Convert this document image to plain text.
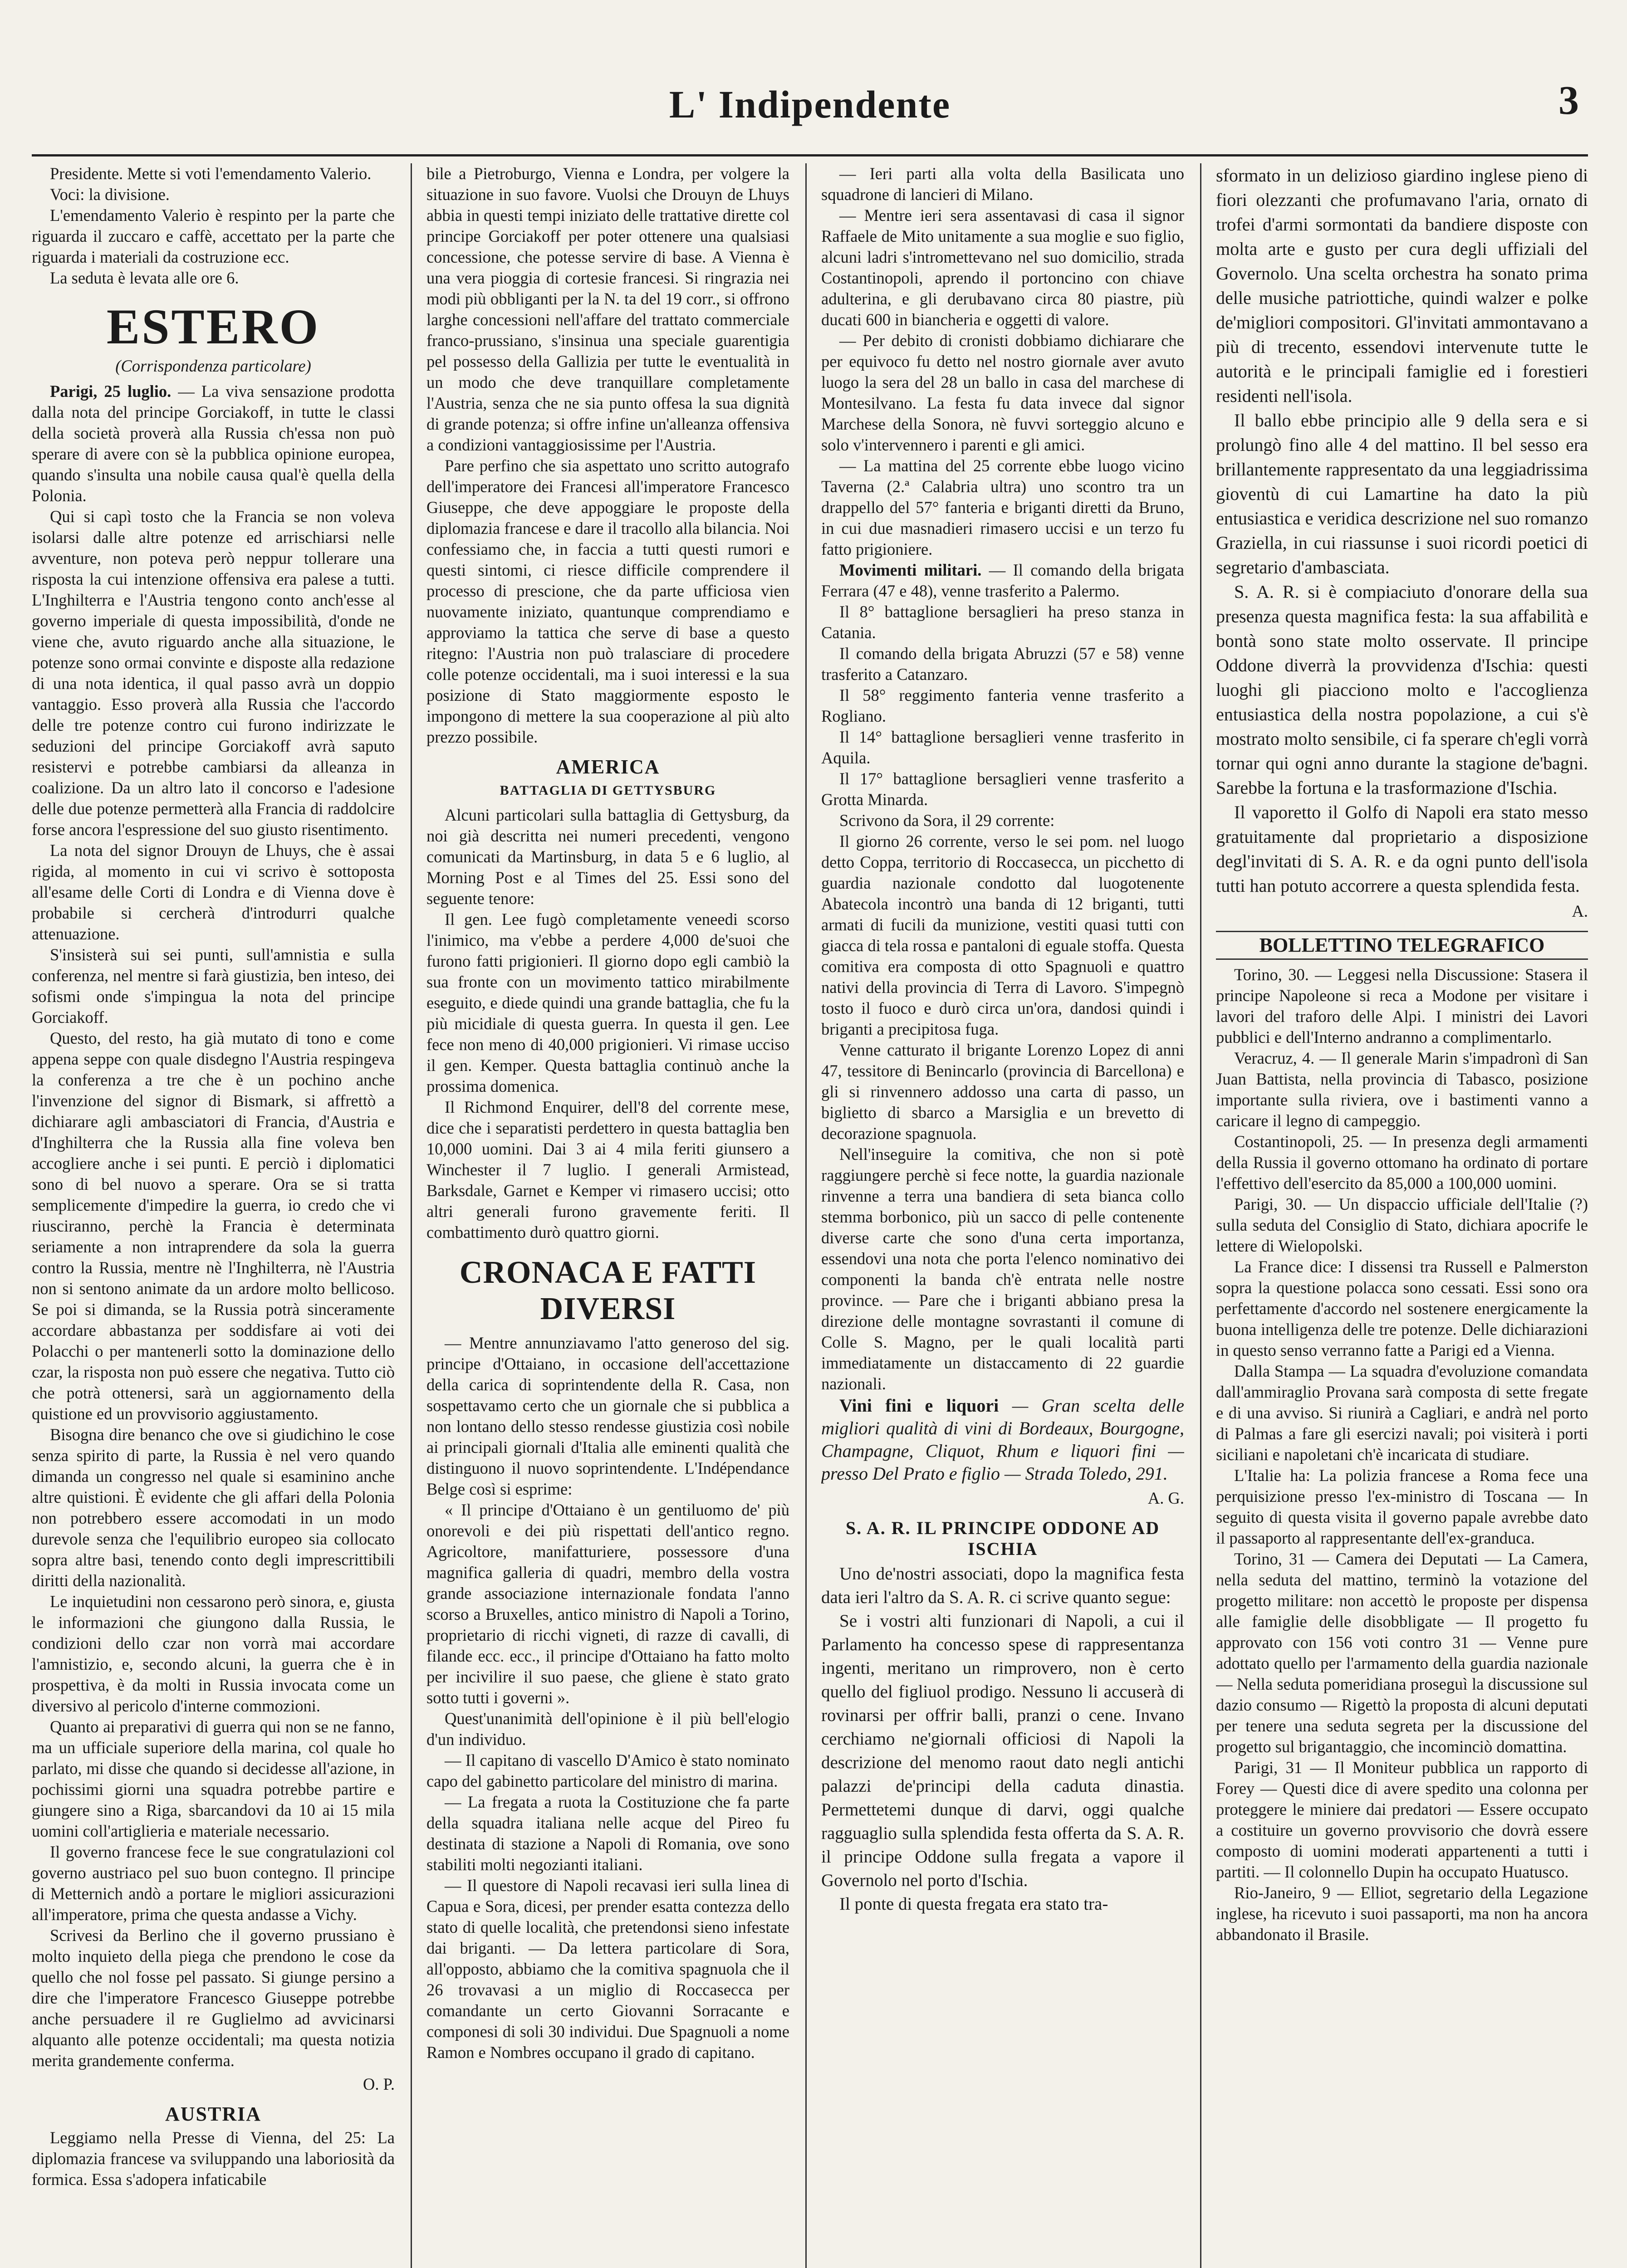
L' Indipendente	3

Presidente. Mette si voti l'emendamento Valerio.

Voci: la divisione.

L'emendamento Valerio è respinto per la parte che riguarda il zuccaro e caffè, accettato per la parte che riguarda i materiali da costruzione ecc.

La seduta è levata alle ore 6.

ESTERO
(Corrispondenza particolare)

Parigi, 25 luglio. — La viva sensazione prodotta dalla nota del principe Gorciakoff, in tutte le classi della società proverà alla Russia ch'essa non può sperare di avere con sè la pubblica opinione europea, quando s'insulta una nobile causa qual'è quella della Polonia.

Qui si capì tosto che la Francia se non voleva isolarsi dalle altre potenze ed arrischiarsi nelle avventure, non poteva però neppur tollerare una risposta la cui intenzione offensiva era palese a tutti. L'Inghilterra e l'Austria tengono conto anch'esse al governo imperiale di questa impossibilità, d'onde ne viene che, avuto riguardo anche alla situazione, le potenze sono ormai convinte e disposte alla redazione di una nota identica, il qual passo avrà un doppio vantaggio. Esso proverà alla Russia che l'accordo delle tre potenze contro cui furono indirizzate le seduzioni del principe Gorciakoff avrà saputo resistervi e potrebbe cambiarsi da alleanza in coalizione. Da un altro lato il concorso e l'adesione delle due potenze permetterà alla Francia di raddolcire forse ancora l'espressione del suo giusto risentimento.

La nota del signor Drouyn de Lhuys, che è assai rigida, al momento in cui vi scrivo è sottoposta all'esame delle Corti di Londra e di Vienna dove è probabile si cercherà d'introdurri qualche attenuazione.

S'insisterà sui sei punti, sull'amnistia e sulla conferenza, nel mentre si farà giustizia, ben inteso, dei sofismi onde s'impingua la nota del principe Gorciakoff.

Questo, del resto, ha già mutato di tono e come appena seppe con quale disdegno l'Austria respingeva la conferenza a tre che è un pochino anche l'invenzione del signor di Bismark, si affrettò a dichiarare agli ambasciatori di Francia, d'Austria e d'Inghilterra che la Russia alla fine voleva ben accogliere anche i sei punti. E perciò i diplomatici sono di bel nuovo a sperare. Ora se si tratta semplicemente d'impedire la guerra, io credo che vi riusciranno, perchè la Francia è determinata seriamente a non intraprendere da sola la guerra contro la Russia, mentre nè l'Inghilterra, nè l'Austria non si sentono animate da un ardore molto bellicoso. Se poi si dimanda, se la Russia potrà sinceramente accordare abbastanza per soddisfare ai voti dei Polacchi o per mantenerli sotto la dominazione dello czar, la risposta non può essere che negativa. Tutto ciò che potrà ottenersi, sarà un aggiornamento della quistione ed un provvisorio aggiustamento.

Bisogna dire benanco che ove si giudichino le cose senza spirito di parte, la Russia è nel vero quando dimanda un congresso nel quale si esaminino anche altre quistioni. È evidente che gli affari della Polonia non potrebbero essere accomodati in un modo durevole senza che l'equilibrio europeo sia collocato sopra altre basi, tenendo conto degli imprescrittibili diritti della nazionalità.

Le inquietudini non cessarono però sinora, e, giusta le informazioni che giungono dalla Russia, le condizioni dello czar non vorrà mai accordare l'amnistizio, e, secondo alcuni, la guerra che è in prospettiva, è da molti in Russia invocata come un diversivo al pericolo d'interne commozioni.

Quanto ai preparativi di guerra qui non se ne fanno, ma un ufficiale superiore della marina, col quale ho parlato, mi disse che quando si decidesse all'azione, in pochissimi giorni una squadra potrebbe partire e giungere sino a Riga, sbarcandovi da 10 ai 15 mila uomini coll'artiglieria e materiale necessario.

Il governo francese fece le sue congratulazioni col governo austriaco pel suo buon contegno. Il principe di Metternich andò a portare le migliori assicurazioni all'imperatore, prima che questa andasse a Vichy.

Scrivesi da Berlino che il governo prussiano è molto inquieto della piega che prendono le cose da quello che nol fosse pel passato. Si giunge persino a dire che l'imperatore Francesco Giuseppe potrebbe anche persuadere il re Guglielmo ad avvicinarsi alquanto alle potenze occidentali; ma questa notizia merita grandemente conferma.

O. P.
AUSTRIA

Leggiamo nella Presse di Vienna, del 25: La diplomazia francese va sviluppando una laboriosità da formica. Essa s'adopera infaticabile

bile a Pietroburgo, Vienna e Londra, per volgere la situazione in suo favore. Vuolsi che Drouyn de Lhuys abbia in questi tempi iniziato delle trattative dirette col principe Gorciakoff per poter ottenere una qualsiasi concessione, che potesse servire di base. A Vienna è una vera pioggia di cortesie francesi. Si ringrazia nei modi più obbliganti per la N. ta del 19 corr., si offrono larghe concessioni nell'affare del trattato commerciale franco-prussiano, s'insinua una speciale guarentigia pel possesso della Gallizia per tutte le eventualità in un modo che deve tranquillare completamente l'Austria, senza che ne sia punto offesa la sua dignità di grande potenza; si offre infine un'alleanza offensiva a condizioni vantaggiosissime per l'Austria.

Pare perfino che sia aspettato uno scritto autografo dell'imperatore dei Francesi all'imperatore Francesco Giuseppe, che deve appoggiare le proposte della diplomazia francese e dare il tracollo alla bilancia. Noi confessiamo che, in faccia a tutti questi rumori e questi sintomi, ci riesce difficile comprendere il processo di prescione, che da parte ufficiosa vien nuovamente iniziato, quantunque comprendiamo e approviamo la tattica che serve di base a questo ritegno: l'Austria non può tralasciare di procedere colle potenze occidentali, ma i suoi interessi e la sua posizione di Stato maggiormente esposto le impongono di mettere la sua cooperazione al più alto prezzo possibile.

AMERICA
BATTAGLIA DI GETTYSBURG

Alcuni particolari sulla battaglia di Gettysburg, da noi già descritta nei numeri precedenti, vengono comunicati da Martinsburg, in data 5 e 6 luglio, al Morning Post e al Times del 25. Essi sono del seguente tenore:

Il gen. Lee fugò completamente veneedi scorso l'inimico, ma v'ebbe a perdere 4,000 de'suoi che furono fatti prigionieri. Il giorno dopo egli cambiò la sua fronte con un movimento tattico mirabilmente eseguito, e diede quindi una grande battaglia, che fu la più micidiale di questa guerra. In questa il gen. Lee fece non meno di 40,000 prigionieri. Vi rimase ucciso il gen. Kemper. Questa battaglia continuò anche la prossima domenica.

Il Richmond Enquirer, dell'8 del corrente mese, dice che i separatisti perdettero in questa battaglia ben 10,000 uomini. Dai 3 ai 4 mila feriti giunsero a Winchester il 7 luglio. I generali Armistead, Barksdale, Garnet e Kemper vi rimasero uccisi; otto altri generali furono gravemente feriti. Il combattimento durò quattro giorni.

CRONACA E FATTI DIVERSI

— Mentre annunziavamo l'atto generoso del sig. principe d'Ottaiano, in occasione dell'accettazione della carica di soprintendente della R. Casa, non sospettavamo certo che un giornale che si pubblica a non lontano dello stesso rendesse giustizia così nobile ai principali giornali d'Italia alle eminenti qualità che distinguono il nuovo soprintendente. L'Indépendance Belge così si esprime:

« Il principe d'Ottaiano è un gentiluomo de' più onorevoli e dei più rispettati dell'antico regno. Agricoltore, manifatturiere, possessore d'una magnifica galleria di quadri, membro della vostra grande associazione internazionale fondata l'anno scorso a Bruxelles, antico ministro di Napoli a Torino, proprietario di ricchi vigneti, di razze di cavalli, di filande ecc. ecc., il principe d'Ottaiano ha fatto molto per incivilire il suo paese, che gliene è stato grato sotto tutti i governi ».

Quest'unanimità dell'opinione è il più bell'elogio d'un individuo.

— Il capitano di vascello D'Amico è stato nominato capo del gabinetto particolare del ministro di marina.

— La fregata a ruota la Costituzione che fa parte della squadra italiana nelle acque del Pireo fu destinata di stazione a Napoli di Romania, ove sono stabiliti molti negozianti italiani.

— Il questore di Napoli recavasi ieri sulla linea di Capua e Sora, dicesi, per prender esatta contezza dello stato di quelle località, che pretendonsi sieno infestate dai briganti. — Da lettera particolare di Sora, all'opposto, abbiamo che la comitiva spagnuola che il 26 trovavasi a un miglio di Roccasecca per comandante un certo Giovanni Sorracante e componesi di soli 30 individui. Due Spagnuoli a nome Ramon e Nombres occupano il grado di capitano.

— Ieri parti alla volta della Basilicata uno squadrone di lancieri di Milano.

— Mentre ieri sera assentavasi di casa il signor Raffaele de Mito unitamente a sua moglie e suo figlio, alcuni ladri s'intromettevano nel suo domicilio, strada Costantinopoli, aprendo il portoncino con chiave adulterina, e gli derubavano circa 80 piastre, più ducati 600 in biancheria e oggetti di valore.

— Per debito di cronisti dobbiamo dichiarare che per equivoco fu detto nel nostro giornale aver avuto luogo la sera del 28 un ballo in casa del marchese di Montesilvano. La festa fu data invece dal signor Marchese della Sonora, nè fuvvi sorteggio alcuno e solo v'intervennero i parenti e gli amici.

— La mattina del 25 corrente ebbe luogo vicino Taverna (2.ª Calabria ultra) uno scontro tra un drappello del 57° fanteria e briganti diretti da Bruno, in cui due masnadieri rimasero uccisi e un terzo fu fatto prigioniere.

Movimenti militari. — Il comando della brigata Ferrara (47 e 48), venne trasferito a Palermo.

Il 8° battaglione bersaglieri ha preso stanza in Catania.

Il comando della brigata Abruzzi (57 e 58) venne trasferito a Catanzaro.

Il 58° reggimento fanteria venne trasferito a Rogliano.

Il 14° battaglione bersaglieri venne trasferito in Aquila.

Il 17° battaglione bersaglieri venne trasferito a Grotta Minarda.

Scrivono da Sora, il 29 corrente:

Il giorno 26 corrente, verso le sei pom. nel luogo detto Coppa, territorio di Roccasecca, un picchetto di guardia nazionale condotto dal luogotenente Abatecola incontrò una banda di 12 briganti, tutti armati di fucili da munizione, vestiti quasi tutti con giacca di tela rossa e pantaloni di eguale stoffa. Questa comitiva era composta di otto Spagnuoli e quattro nativi della provincia di Terra di Lavoro. S'impegnò tosto il fuoco e durò circa un'ora, dandosi quindi i briganti a precipitosa fuga.

Venne catturato il brigante Lorenzo Lopez di anni 47, tessitore di Benincarlo (provincia di Barcellona) e gli si rinvennero addosso una carta di passo, un biglietto di sbarco a Marsiglia e un brevetto di decorazione spagnuola.

Nell'inseguire la comitiva, che non si potè raggiungere perchè si fece notte, la guardia nazionale rinvenne a terra una bandiera di seta bianca collo stemma borbonico, più un sacco di pelle contenente diverse carte che sono d'una certa importanza, essendovi una nota che porta l'elenco nominativo dei componenti la banda ch'è entrata nelle nostre province. — Pare che i briganti abbiano presa la direzione delle montagne sovrastanti il comune di Colle S. Magno, per le quali località parti immediatamente un distaccamento di 22 guardie nazionali.

Vini fini e liquori — Gran scelta delle migliori qualità di vini di Bordeaux, Bourgogne, Champagne, Cliquot, Rhum e liquori fini — presso Del Prato e figlio — Strada Toledo, 291.

A. G.
S. A. R. IL PRINCIPE ODDONE AD ISCHIA

Uno de'nostri associati, dopo la magnifica festa data ieri l'altro da S. A. R. ci scrive quanto segue:

Se i vostri alti funzionari di Napoli, a cui il Parlamento ha concesso spese di rappresentanza ingenti, meritano un rimprovero, non è certo quello del figliuol prodigo. Nessuno li accuserà di rovinarsi per offrir balli, pranzi o cene. Invano cerchiamo ne'giornali officiosi di Napoli la descrizione del menomo raout dato negli antichi palazzi de'principi della caduta dinastia. Permettetemi dunque di darvi, oggi qualche ragguaglio sulla splendida festa offerta da S. A. R. il principe Oddone sulla fregata a vapore il Governolo nel porto d'Ischia.

Il ponte di questa fregata era stato tra-

sformato in un delizioso giardino inglese pieno di fiori olezzanti che profumavano l'aria, ornato di trofei d'armi sormontati da bandiere disposte con molta arte e gusto per cura degli uffiziali del Governolo. Una scelta orchestra ha sonato prima delle musiche patriottiche, quindi walzer e polke de'migliori compositori. Gl'invitati ammontavano a più di trecento, essendovi intervenute tutte le autorità e le principali famiglie ed i forestieri residenti nell'isola.

Il ballo ebbe principio alle 9 della sera e si prolungò fino alle 4 del mattino. Il bel sesso era brillantemente rappresentato da una leggiadrissima gioventù di cui Lamartine ha dato la più entusiastica e veridica descrizione nel suo romanzo Graziella, in cui riassunse i suoi ricordi poetici di segretario d'ambasciata.

S. A. R. si è compiaciuto d'onorare della sua presenza questa magnifica festa: la sua affabilità e bontà sono state molto osservate. Il principe Oddone diverrà la provvidenza d'Ischia: questi luoghi gli piacciono molto e l'accoglienza entusiastica della nostra popolazione, a cui s'è mostrato molto sensibile, ci fa sperare ch'egli vorrà tornar qui ogni anno durante la stagione de'bagni. Sarebbe la fortuna e la trasformazione d'Ischia.

Il vaporetto il Golfo di Napoli era stato messo gratuitamente dal proprietario a disposizione degl'invitati di S. A. R. e da ogni punto dell'isola tutti han potuto accorrere a questa splendida festa.

A.
BOLLETTINO TELEGRAFICO

Torino, 30. — Leggesi nella Discussione: Stasera il principe Napoleone si reca a Modone per visitare i lavori del traforo delle Alpi. I ministri dei Lavori pubblici e dell'Interno andranno a complimentarlo.

Veracruz, 4. — Il generale Marin s'impadronì di San Juan Battista, nella provincia di Tabasco, posizione importante sulla riviera, ove i bastimenti vanno a caricare il legno di campeggio.

Costantinopoli, 25. — In presenza degli armamenti della Russia il governo ottomano ha ordinato di portare l'effettivo dell'esercito da 85,000 a 100,000 uomini.

Parigi, 30. — Un dispaccio ufficiale dell'Italie (?) sulla seduta del Consiglio di Stato, dichiara apocrife le lettere di Wielopolski.

La France dice: I dissensi tra Russell e Palmerston sopra la questione polacca sono cessati. Essi sono ora perfettamente d'accordo nel sostenere energicamente la buona intelligenza delle tre potenze. Delle dichiarazioni in questo senso verranno fatte a Parigi ed a Vienna.

Dalla Stampa — La squadra d'evoluzione comandata dall'ammiraglio Provana sarà composta di sette fregate e di una avviso. Si riunirà a Cagliari, e andrà nel porto di Palmas a fare gli esercizi navali; poi visiterà i porti siciliani e napoletani ch'è incaricata di studiare.

L'Italie ha: La polizia francese a Roma fece una perquisizione presso l'ex-ministro di Toscana — In seguito di questa visita il governo papale avrebbe dato il passaporto al rappresentante dell'ex-granduca.

Torino, 31 — Camera dei Deputati — La Camera, nella seduta del mattino, terminò la votazione del progetto militare: non accettò le proposte per dispensa alle famiglie delle disobbligate — Il progetto fu approvato con 156 voti contro 31 — Venne pure adottato quello per l'armamento della guardia nazionale — Nella seduta pomeridiana proseguì la discussione sul dazio consumo — Rigettò la proposta di alcuni deputati per tenere una seduta segreta per la discussione del progetto sul brigantaggio, che incominciò domattina.

Parigi, 31 — Il Moniteur pubblica un rapporto di Forey — Questi dice di avere spedito una colonna per proteggere le miniere dai predatori — Essere occupato a costituire un governo provvisorio che dovrà essere composto di uomini moderati appartenenti a tutti i partiti. — Il colonnello Dupin ha occupato Huatusco.

Rio-Janeiro, 9 — Elliot, segretario della Legazione inglese, ha ricevuto i suoi passaporti, ma non ha ancora abbandonato il Brasile.
